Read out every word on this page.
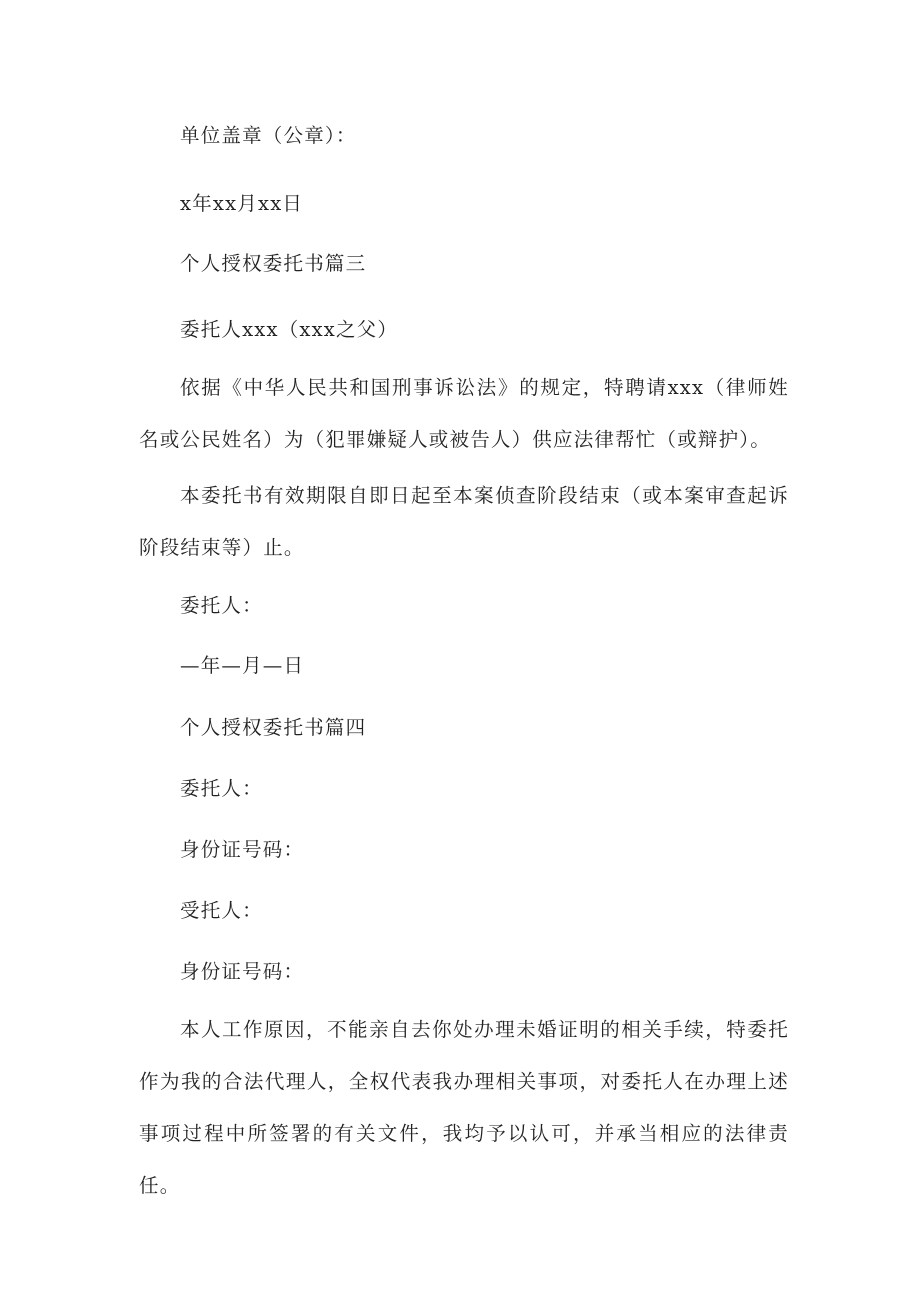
单位盖章（公章）：
x年xx月xx日
个人授权委托书篇三
委托人xxx（xxx之父）

依据《中华人民共和国刑事诉讼法》的规定，特聘请xxx（律师姓名或公民姓名）为（犯罪嫌疑人或被告人）供应法律帮忙（或辩护）。

本委托书有效期限自即日起至本案侦查阶段结束（或本案审查起诉阶段结束等）止。

委托人：
—年—月—日
个人授权委托书篇四
委托人：
身份证号码：
受托人：
身份证号码：

本人工作原因，不能亲自去你处办理未婚证明的相关手续，特委托作为我的合法代理人，全权代表我办理相关事项，对委托人在办理上述事项过程中所签署的有关文件，我均予以认可，并承当相应的法律责任。
